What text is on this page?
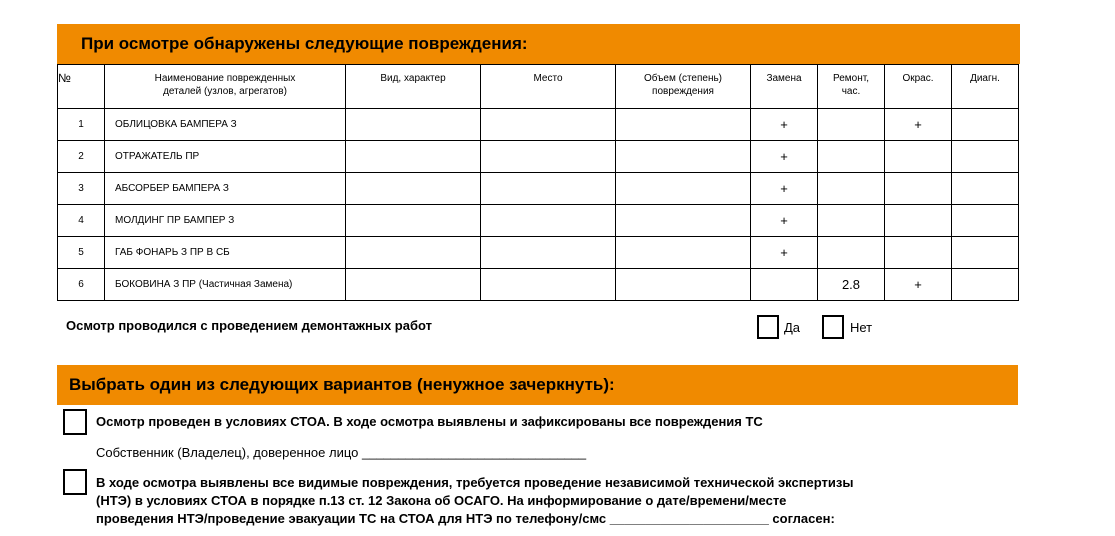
При осмотре обнаружены следующие повреждения:
№	Наименование поврежденных деталей (узлов, агрегатов)	Вид, характер	Место	Объем (степень) повреждения	Замена	Ремонт, час.	Окрас.	Диагн.
1	ОБЛИЦОВКА БАМПЕРА З				+		+	
2	ОТРАЖАТЕЛЬ ПР				+			
3	АБСОРБЕР БАМПЕРА З				+			
4	МОЛДИНГ ПР БАМПЕР З				+			
5	ГАБ ФОНАРЬ З ПР В СБ				+			
6	БОКОВИНА З ПР (Частичная Замена)					2.8	+	
Осмотр проводился с проведением демонтажных работ	Да	Нет
Выбрать один из следующих вариантов (ненужное зачеркнуть):
Осмотр проведен в условиях СТОА. В ходе осмотра выявлены и зафиксированы все повреждения ТС
Собственник (Владелец), доверенное лицо _______________________________
В ходе осмотра выявлены все видимые повреждения, требуется проведение независимой технической экспертизы
(НТЭ) в условиях СТОА в порядке п.13 ст. 12 Закона об ОСАГО. На информирование о дате/времени/месте
проведения НТЭ/проведение эвакуации ТС на СТОА для НТЭ по телефону/смс ______________________ согласен:
